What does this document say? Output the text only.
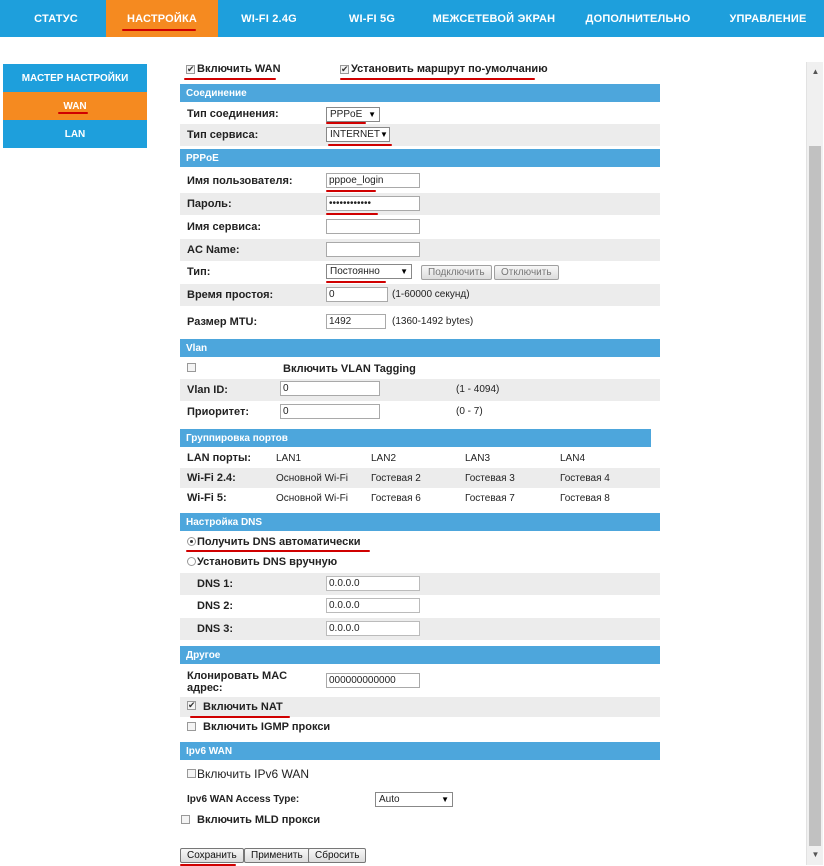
СТАТУС	НАСТРОЙКА	WI-FI 2.4G	WI-FI 5G	МЕЖСЕТЕВОЙ ЭКРАН	ДОПОЛНИТЕЛЬНО	УПРАВЛЕНИЕ
МАСТЕР НАСТРОЙКИ
WAN
LAN
▲
▼
✔ Включить WAN	✔ Установить маршрут по-умолчанию
Соединение
Тип соединения:	PPPoE ▼
Тип сервиса:	INTERNET ▼
PPPoE
Имя пользователя:	pppoe_login
Пароль:	••••••••••••
Имя сервиса:
AC Name:
Тип:	Постоянно	▼	Подключить	Отключить
Время простоя:	0	(1-60000 секунд)
Размер MTU:	1492	(1360-1492 bytes)
Vlan
Включить VLAN Tagging
Vlan ID:	0	(1 - 4094)
Приоритет:	0	(0 - 7)
Группировка портов
LAN порты: LAN1	LAN2	LAN3	LAN4
Wi-Fi 2.4:	Основной Wi-Fi Гостевая 2	Гостевая 3	Гостевая 4
Wi-Fi 5:	Основной Wi-Fi Гостевая 6	Гостевая 7	Гостевая 8
Настройка DNS
Получить DNS автоматически
Установить DNS вручную
DNS 1:	0.0.0.0
DNS 2:	0.0.0.0
DNS 3:	0.0.0.0
Другое
Клонировать MAC
адрес:
000000000000
✔ Включить NAT
Включить IGMP прокси
Ipv6 WAN
Включить IPv6 WAN
Ipv6 WAN Access Type:	Auto	▼
Включить MLD прокси
Сохранить	Применить	Сбросить
